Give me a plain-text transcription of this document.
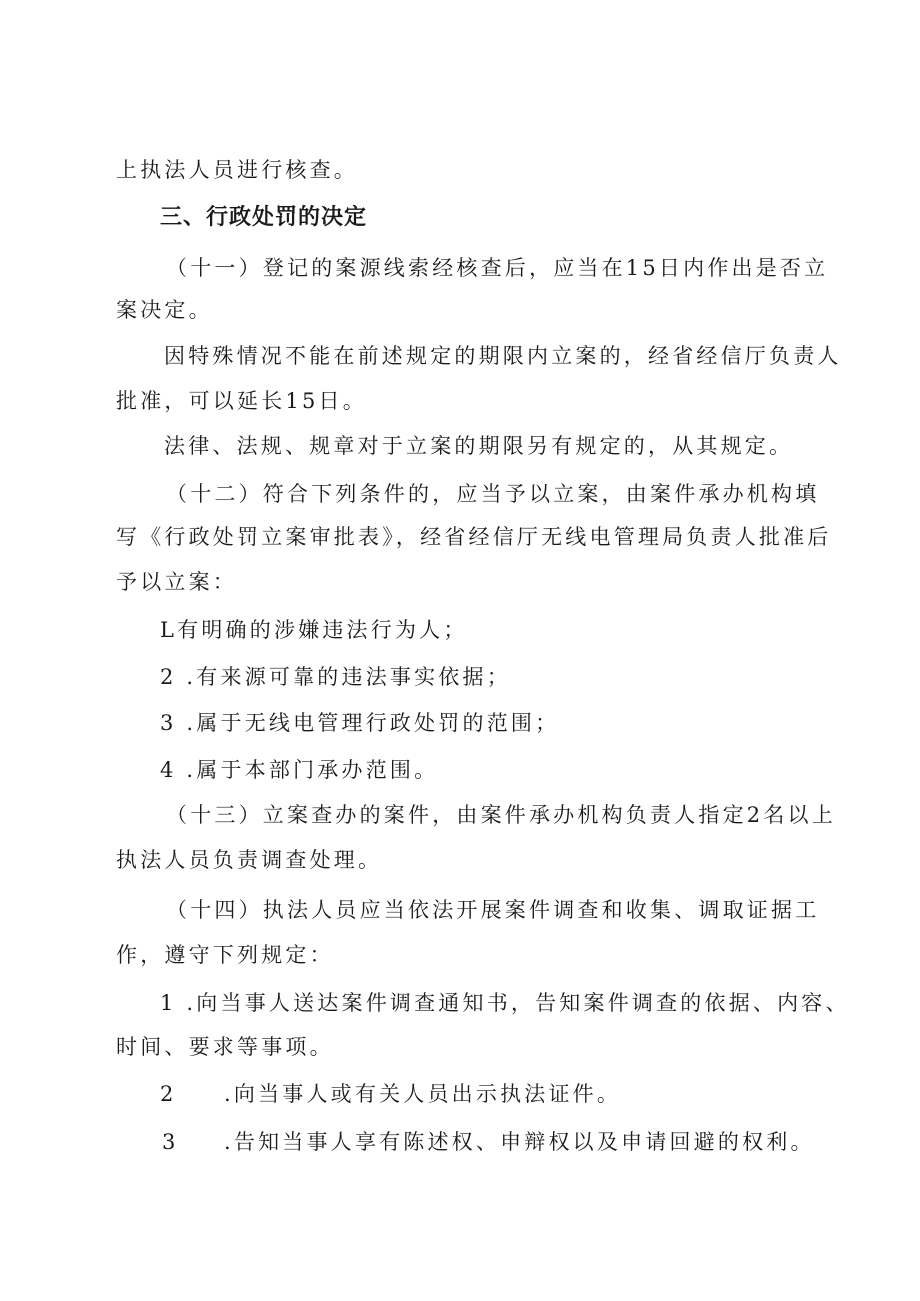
上执法人员进行核查。
三、行政处罚的决定
（十一）登记的案源线索经核查后，应当在15日内作出是否立
案决定。
因特殊情况不能在前述规定的期限内立案的，经省经信厅负责人
批准，可以延长15日。
法律、法规、规章对于立案的期限另有规定的，从其规定。
（十二）符合下列条件的，应当予以立案，由案件承办机构填
写《行政处罚立案审批表》，经省经信厅无线电管理局负责人批准后
予以立案：
L有明确的涉嫌违法行为人；
2 .有来源可靠的违法事实依据；
3 .属于无线电管理行政处罚的范围；
4 .属于本部门承办范围。
（十三）立案查办的案件，由案件承办机构负责人指定2名以上
执法人员负责调查处理。
（十四）执法人员应当依法开展案件调查和收集、调取证据工
作，遵守下列规定：
1 .向当事人送达案件调查通知书，告知案件调查的依据、内容、
时间、要求等事项。
2 .向当事人或有关人员出示执法证件。
3 .告知当事人享有陈述权、申辩权以及申请回避的权利。
